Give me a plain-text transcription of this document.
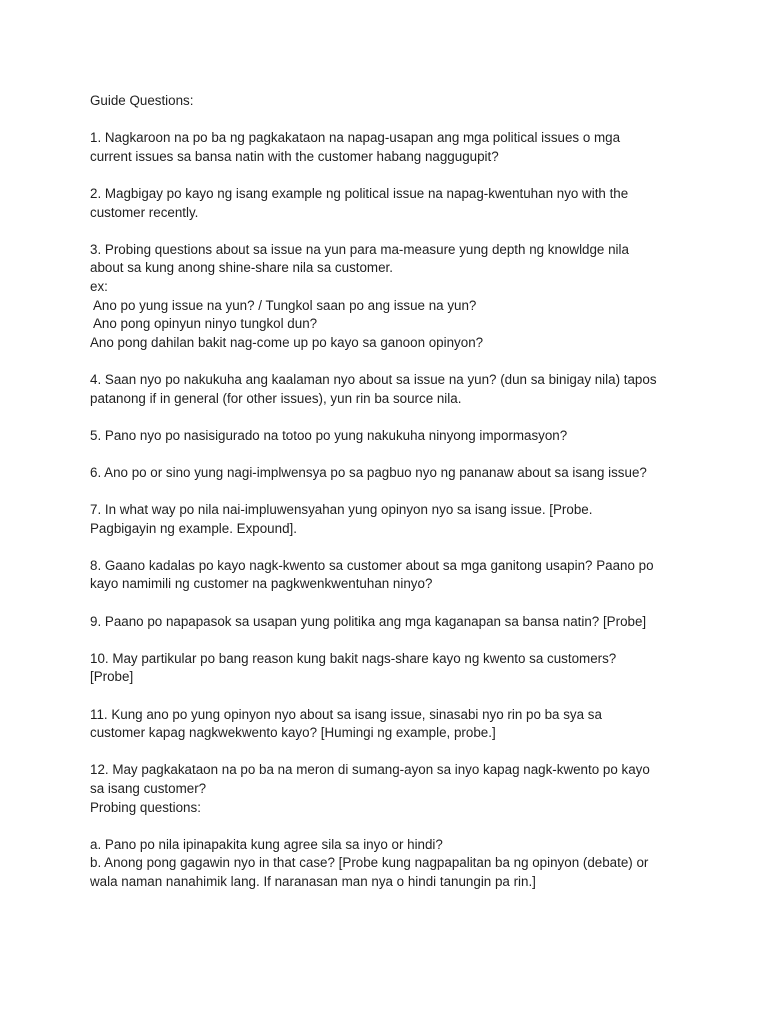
Guide Questions:
1. Nagkaroon na po ba ng pagkakataon na napag-usapan ang mga political issues o mga
current issues sa bansa natin with the customer habang naggugupit?
2. Magbigay po kayo ng isang example ng political issue na napag-kwentuhan nyo with the
customer recently.
3. Probing questions about sa issue na yun para ma-measure yung depth ng knowldge nila
about sa kung anong shine-share nila sa customer.
ex:
Ano po yung issue na yun? / Tungkol saan po ang issue na yun?
Ano pong opinyun ninyo tungkol dun?
Ano pong dahilan bakit nag-come up po kayo sa ganoon opinyon?
4. Saan nyo po nakukuha ang kaalaman nyo about sa issue na yun? (dun sa binigay nila) tapos
patanong if in general (for other issues), yun rin ba source nila.
5. Pano nyo po nasisigurado na totoo po yung nakukuha ninyong impormasyon?
6. Ano po or sino yung nagi-implwensya po sa pagbuo nyo ng pananaw about sa isang issue?
7. In what way po nila nai-impluwensyahan yung opinyon nyo sa isang issue. [Probe.
Pagbigayin ng example. Expound].
8. Gaano kadalas po kayo nagk-kwento sa customer about sa mga ganitong usapin? Paano po
kayo namimili ng customer na pagkwenkwentuhan ninyo?
9. Paano po napapasok sa usapan yung politika ang mga kaganapan sa bansa natin? [Probe]
10. May partikular po bang reason kung bakit nags-share kayo ng kwento sa customers?
[Probe]
11. Kung ano po yung opinyon nyo about sa isang issue, sinasabi nyo rin po ba sya sa
customer kapag nagkwekwento kayo? [Humingi ng example, probe.]
12. May pagkakataon na po ba na meron di sumang-ayon sa inyo kapag nagk-kwento po kayo
sa isang customer?
Probing questions:
a. Pano po nila ipinapakita kung agree sila sa inyo or hindi?
b. Anong pong gagawin nyo in that case? [Probe kung nagpapalitan ba ng opinyon (debate) or
wala naman nanahimik lang. If naranasan man nya o hindi tanungin pa rin.]
